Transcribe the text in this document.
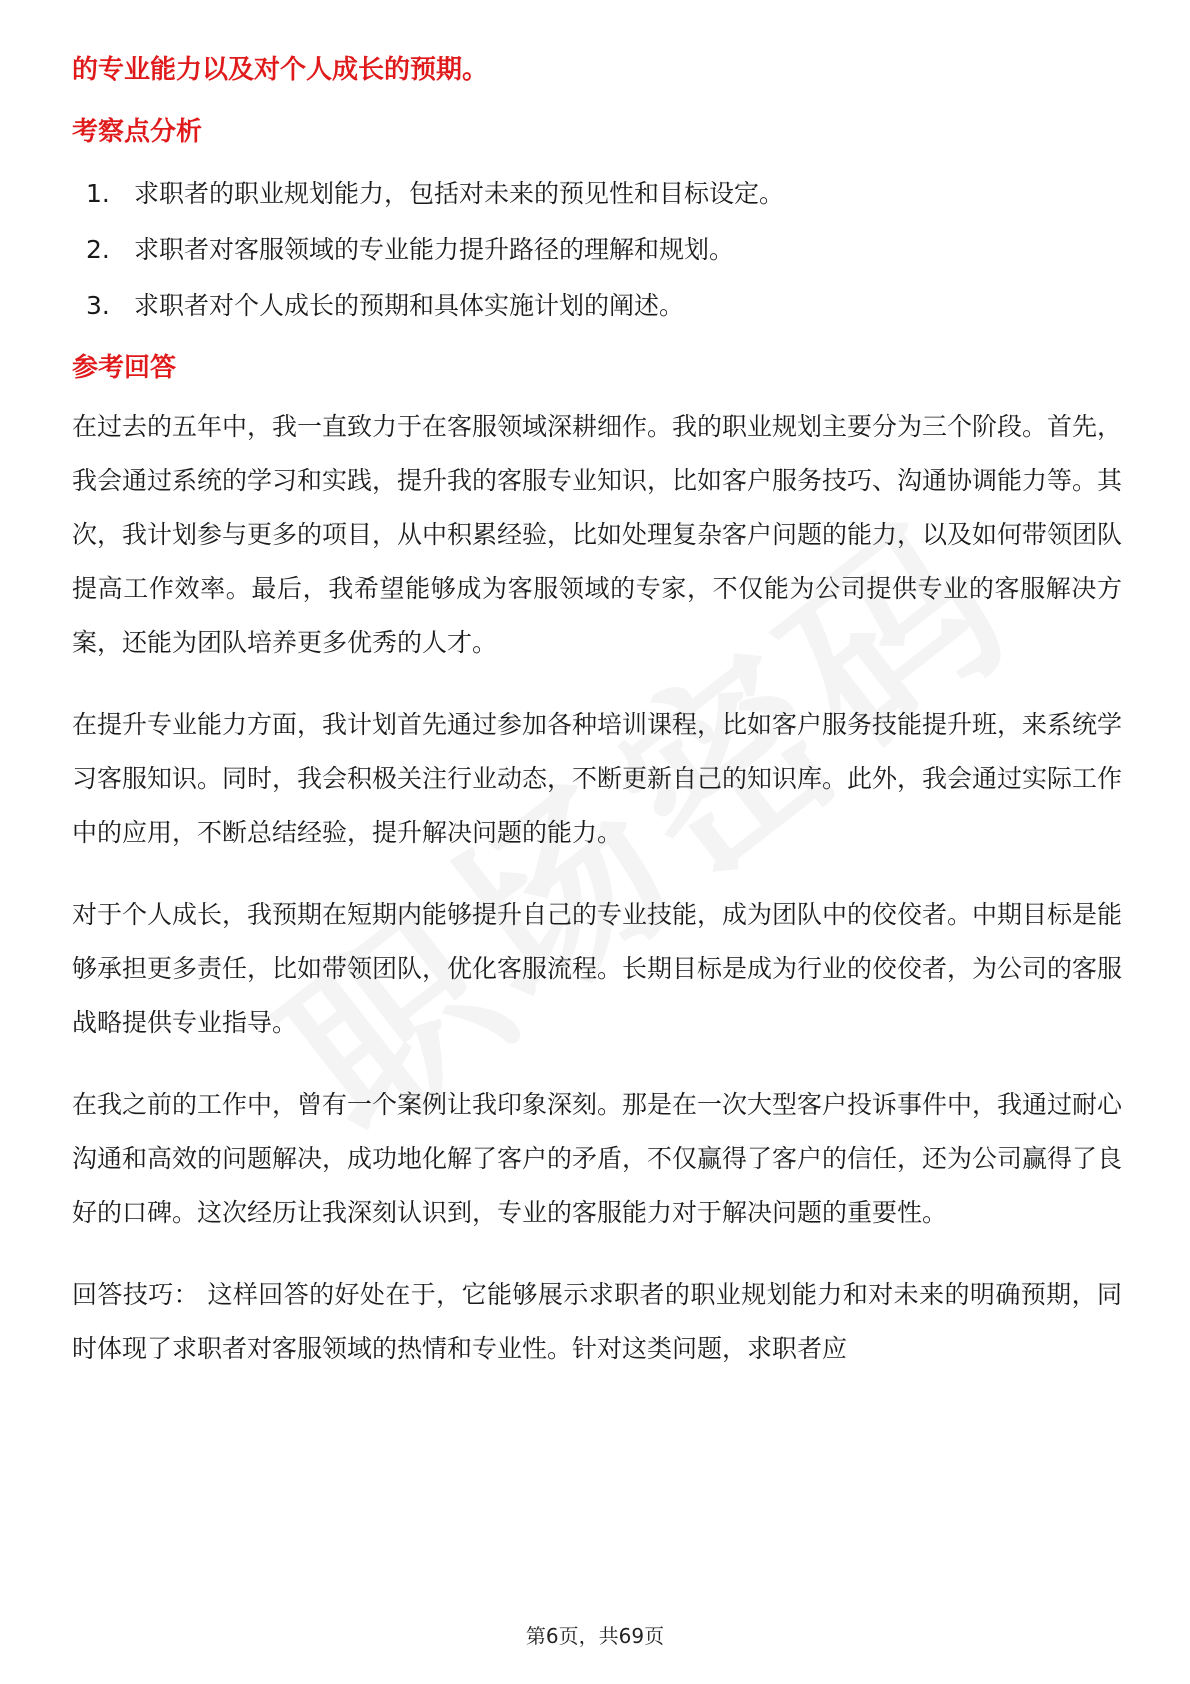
的专业能力以及对个人成长的预期。
考察点分析
1. 求职者的职业规划能力，包括对未来的预见性和目标设定。
2. 求职者对客服领域的专业能力提升路径的理解和规划。
3. 求职者对个人成长的预期和具体实施计划的阐述。
参考回答

在过去的五年中，我一直致力于在客服领域深耕细作。我的职业规划主要分为三个阶段。首先，我会通过系统的学习和实践，提升我的客服专业知识，比如客户服务技巧、沟通协调能力等。其次，我计划参与更多的项目，从中积累经验，比如处理复杂客户问题的能力，以及如何带领团队提高工作效率。最后，我希望能够成为客服领域的专家，不仅能为公司提供专业的客服解决方案，还能为团队培养更多优秀的人才。

在提升专业能力方面，我计划首先通过参加各种培训课程，比如客户服务技能提升班，来系统学习客服知识。同时，我会积极关注行业动态，不断更新自己的知识库。此外，我会通过实际工作中的应用，不断总结经验，提升解决问题的能力。

对于个人成长，我预期在短期内能够提升自己的专业技能，成为团队中的佼佼者。中期目标是能够承担更多责任，比如带领团队，优化客服流程。长期目标是成为行业的佼佼者，为公司的客服战略提供专业指导。

在我之前的工作中，曾有一个案例让我印象深刻。那是在一次大型客户投诉事件中，我通过耐心沟通和高效的问题解决，成功地化解了客户的矛盾，不仅赢得了客户的信任，还为公司赢得了良好的口碑。这次经历让我深刻认识到，专业的客服能力对于解决问题的重要性。

回答技巧： 这样回答的好处在于，它能够展示求职者的职业规划能力和对未来的明确预期，同时体现了求职者对客服领域的热情和专业性。针对这类问题，求职者应

第6页，共69页
